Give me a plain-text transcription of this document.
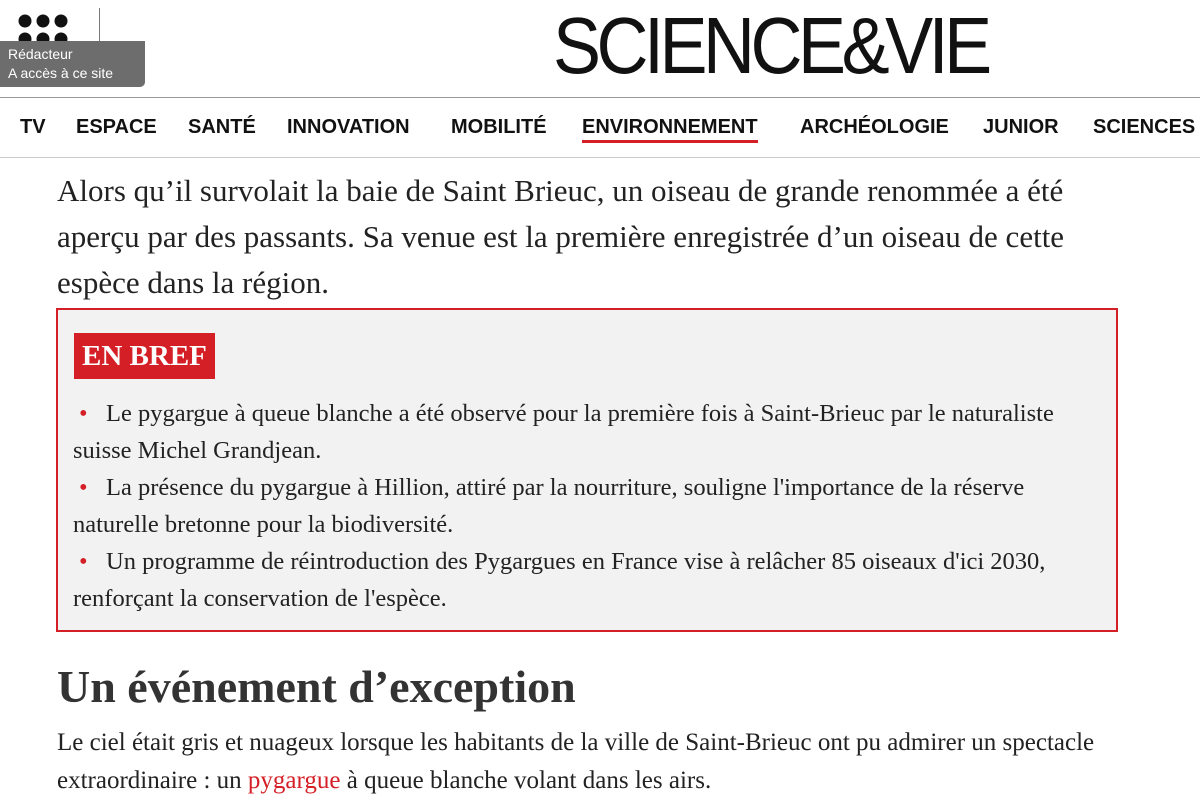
Rédacteur
A accès à ce site	SCIENCE&VIE
TV ESPACE SANTÉ INNOVATION MOBILITÉ ENVIRONNEMENT ARCHÉOLOGIE JUNIOR SCIENCES

Alors qu’il survolait la baie de Saint Brieuc, un oiseau de grande renommée a été aperçu par des passants. Sa venue est la première enregistrée d’un oiseau de cette espèce dans la région.

EN BREF
• Le pygargue à queue blanche a été observé pour la première fois à Saint-Brieuc par le naturaliste suisse Michel Grandjean.
• La présence du pygargue à Hillion, attiré par la nourriture, souligne l'importance de la réserve naturelle bretonne pour la biodiversité.
• Un programme de réintroduction des Pygargues en France vise à relâcher 85 oiseaux d'ici 2030, renforçant la conservation de l'espèce.
Un événement d’exception

Le ciel était gris et nuageux lorsque les habitants de la ville de Saint-Brieuc ont pu admirer un spectacle extraordinaire : un pygargue à queue blanche volant dans les airs.
